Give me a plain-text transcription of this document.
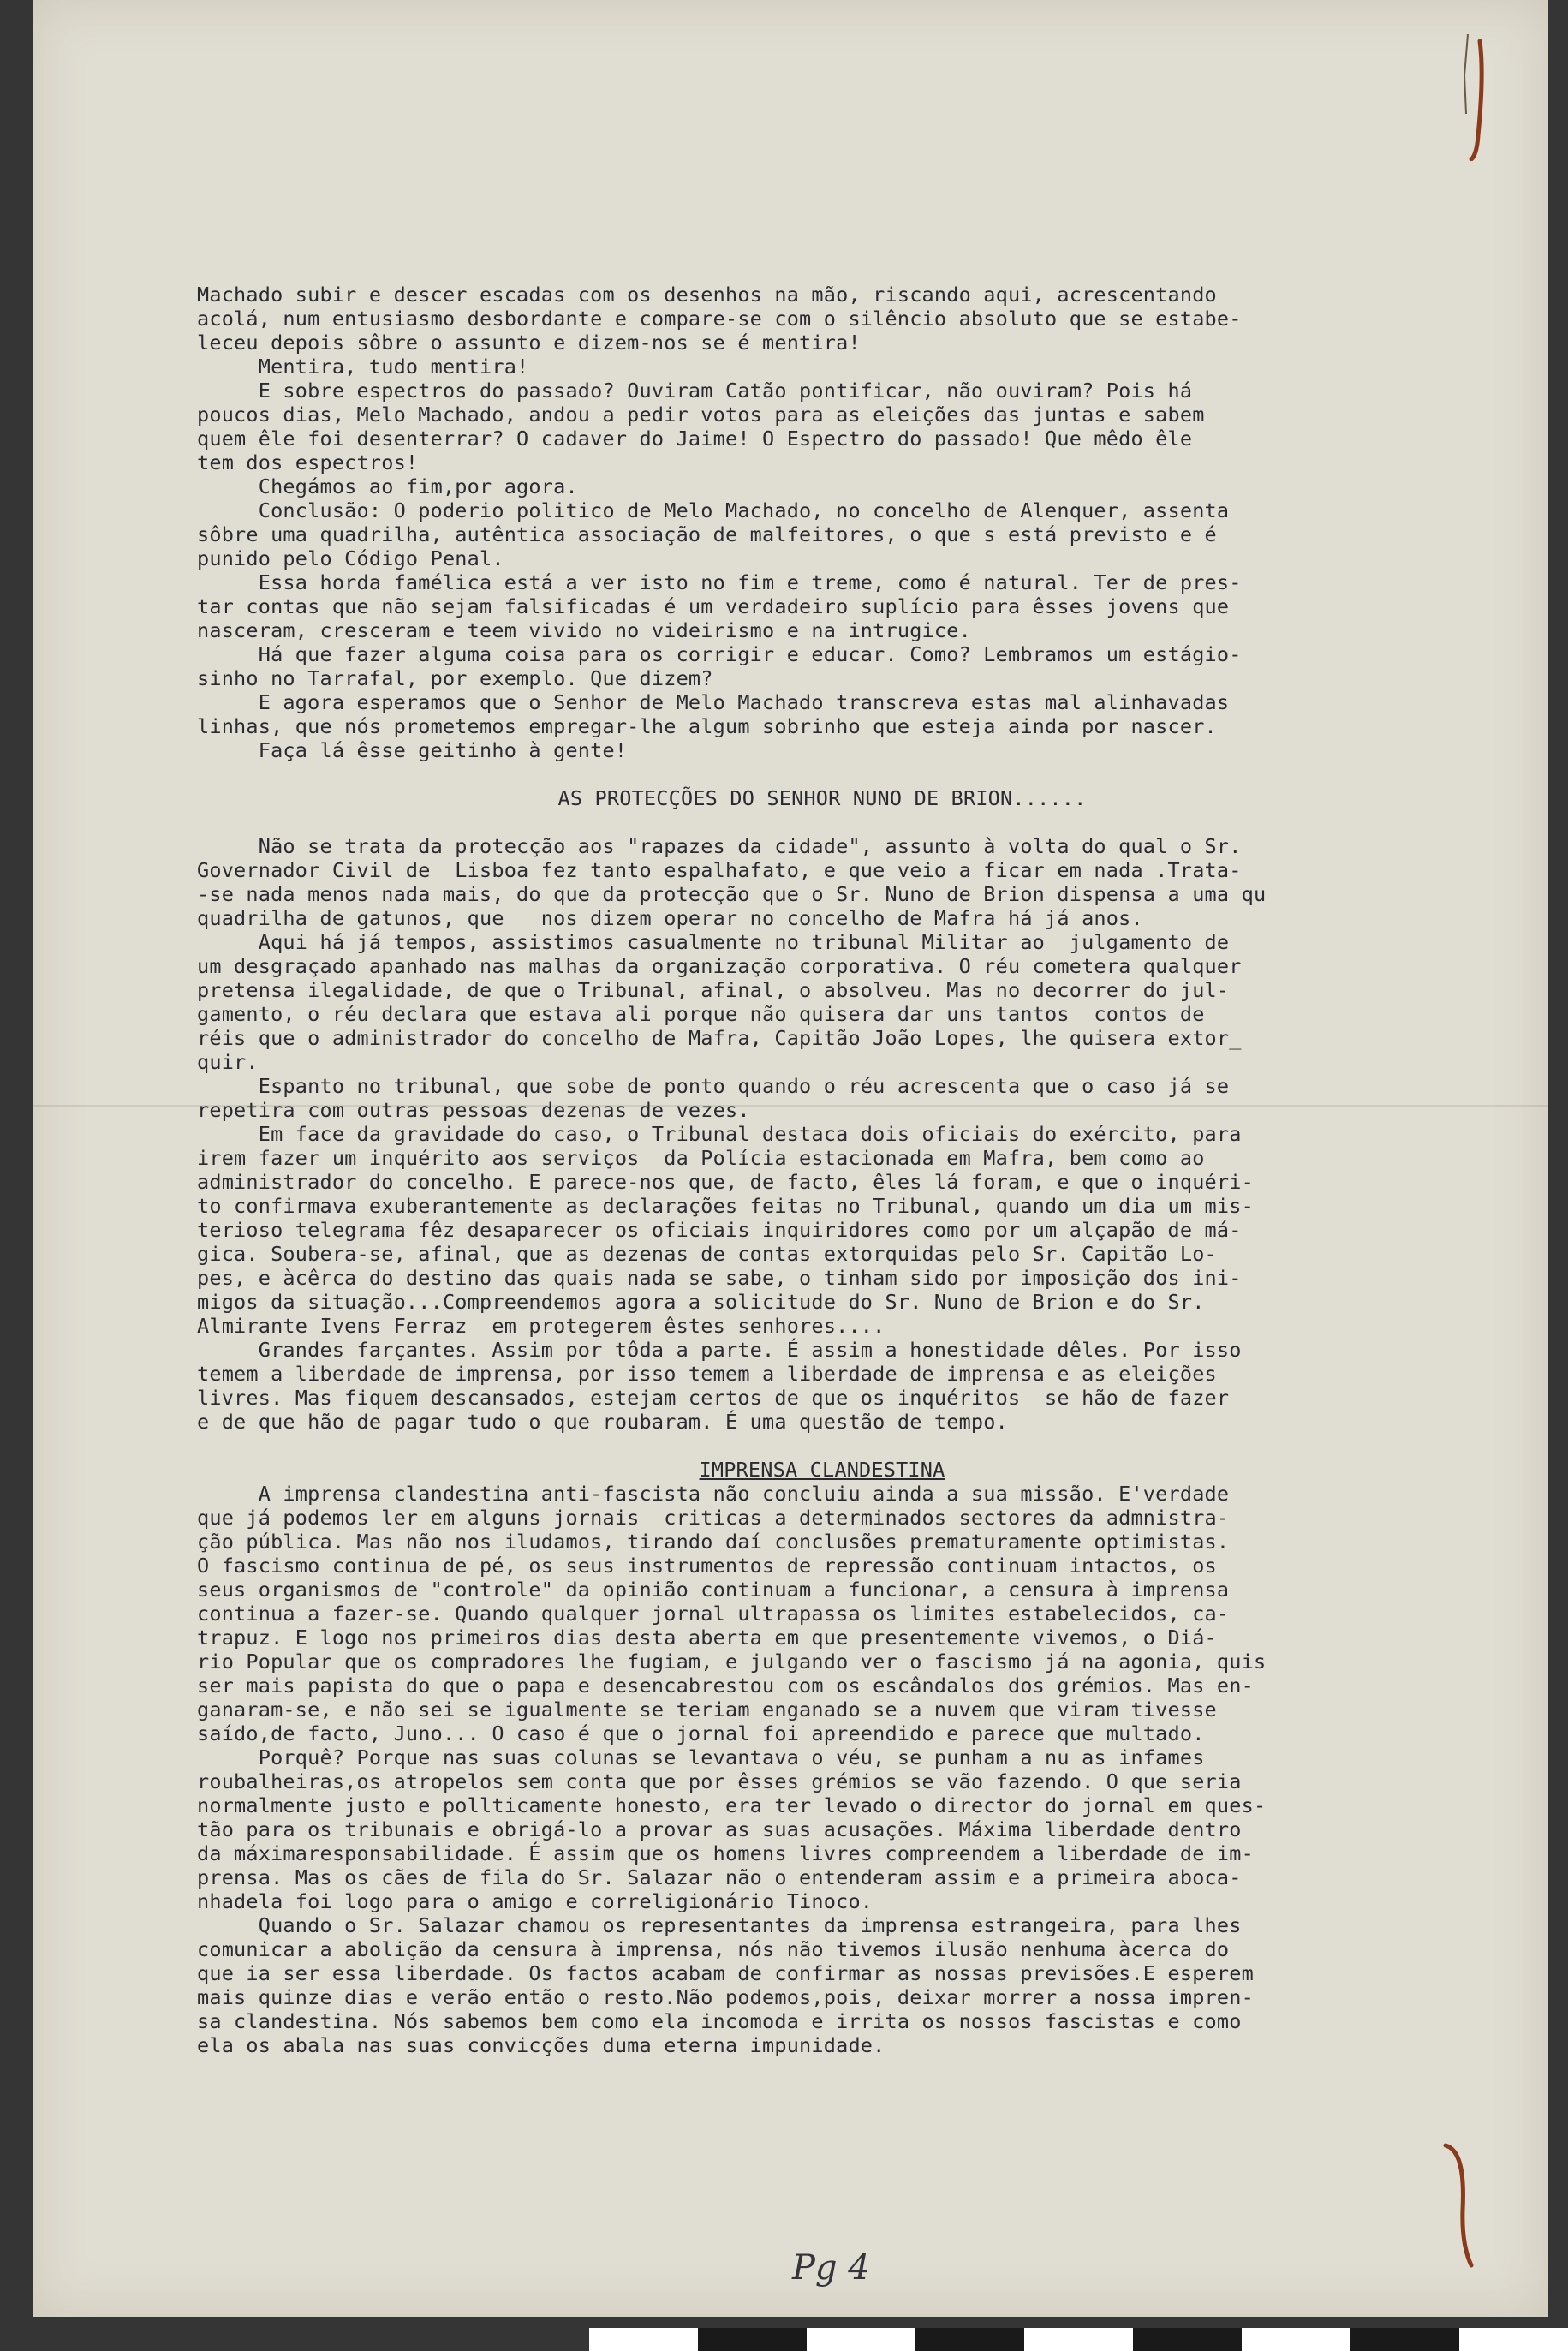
Machado subir e descer escadas com os desenhos na mão, riscando aqui, acrescentando
acolá, num entusiasmo desbordante e compare-se com o silêncio absoluto que se estabe-
leceu depois sôbre o assunto e dizem-nos se é mentira!
Mentira, tudo mentira!
E sobre espectros do passado? Ouviram Catão pontificar, não ouviram? Pois há
poucos dias, Melo Machado, andou a pedir votos para as eleições das juntas e sabem
quem êle foi desenterrar? O cadaver do Jaime! O Espectro do passado! Que mêdo êle
tem dos espectros!
Chegámos ao fim,por agora.
Conclusão: O poderio politico de Melo Machado, no concelho de Alenquer, assenta
sôbre uma quadrilha, autêntica associação de malfeitores, o que s está previsto e é
punido pelo Código Penal.
Essa horda famélica está a ver isto no fim e treme, como é natural. Ter de pres-
tar contas que não sejam falsificadas é um verdadeiro suplício para êsses jovens que
nasceram, cresceram e teem vivido no videirismo e na intrugice.
Há que fazer alguma coisa para os corrigir e educar. Como? Lembramos um estágio-
sinho no Tarrafal, por exemplo. Que dizem?
E agora esperamos que o Senhor de Melo Machado transcreva estas mal alinhavadas
linhas, que nós prometemos empregar-lhe algum sobrinho que esteja ainda por nascer.
Faça lá êsse geitinho à gente!
AS PROTECÇÕES DO SENHOR NUNO DE BRION......
Não se trata da protecção aos "rapazes da cidade", assunto à volta do qual o Sr.
Governador Civil de  Lisboa fez tanto espalhafato, e que veio a ficar em nada .Trata-
-se nada menos nada mais, do que da protecção que o Sr. Nuno de Brion dispensa a uma qu
quadrilha de gatunos, que   nos dizem operar no concelho de Mafra há já anos.
Aqui há já tempos, assistimos casualmente no tribunal Militar ao  julgamento de
um desgraçado apanhado nas malhas da organização corporativa. O réu cometera qualquer
pretensa ilegalidade, de que o Tribunal, afinal, o absolveu. Mas no decorrer do jul-
gamento, o réu declara que estava ali porque não quisera dar uns tantos  contos de
réis que o administrador do concelho de Mafra, Capitão João Lopes, lhe quisera extor_
quir.
Espanto no tribunal, que sobe de ponto quando o réu acrescenta que o caso já se
repetira com outras pessoas dezenas de vezes.
Em face da gravidade do caso, o Tribunal destaca dois oficiais do exército, para
irem fazer um inquérito aos serviços  da Polícia estacionada em Mafra, bem como ao
administrador do concelho. E parece-nos que, de facto, êles lá foram, e que o inquéri-
to confirmava exuberantemente as declarações feitas no Tribunal, quando um dia um mis-
terioso telegrama fêz desaparecer os oficiais inquiridores como por um alçapão de má-
gica. Soubera-se, afinal, que as dezenas de contas extorquidas pelo Sr. Capitão Lo-
pes, e àcêrca do destino das quais nada se sabe, o tinham sido por imposição dos ini-
migos da situação...Compreendemos agora a solicitude do Sr. Nuno de Brion e do Sr.
Almirante Ivens Ferraz  em protegerem êstes senhores....
Grandes farçantes. Assim por tôda a parte. É assim a honestidade dêles. Por isso
temem a liberdade de imprensa, por isso temem a liberdade de imprensa e as eleições
livres. Mas fiquem descansados, estejam certos de que os inquéritos  se hão de fazer
e de que hão de pagar tudo o que roubaram. É uma questão de tempo.
IMPRENSA CLANDESTINA
A imprensa clandestina anti-fascista não concluiu ainda a sua missão. E'verdade
que já podemos ler em alguns jornais  criticas a determinados sectores da admnistra-
ção pública. Mas não nos iludamos, tirando daí conclusões prematuramente optimistas.
O fascismo continua de pé, os seus instrumentos de repressão continuam intactos, os
seus organismos de "controle" da opinião continuam a funcionar, a censura à imprensa
continua a fazer-se. Quando qualquer jornal ultrapassa os limites estabelecidos, ca-
trapuz. E logo nos primeiros dias desta aberta em que presentemente vivemos, o Diá-
rio Popular que os compradores lhe fugiam, e julgando ver o fascismo já na agonia, quis
ser mais papista do que o papa e desencabrestou com os escândalos dos grémios. Mas en-
ganaram-se, e não sei se igualmente se teriam enganado se a nuvem que viram tivesse
saído,de facto, Juno... O caso é que o jornal foi apreendido e parece que multado.
Porquê? Porque nas suas colunas se levantava o véu, se punham a nu as infames
roubalheiras,os atropelos sem conta que por êsses grémios se vão fazendo. O que seria
normalmente justo e pollticamente honesto, era ter levado o director do jornal em ques-
tão para os tribunais e obrigá-lo a provar as suas acusações. Máxima liberdade dentro
da máximaresponsabilidade. É assim que os homens livres compreendem a liberdade de im-
prensa. Mas os cães de fila do Sr. Salazar não o entenderam assim e a primeira aboca-
nhadela foi logo para o amigo e correligionário Tinoco.
Quando o Sr. Salazar chamou os representantes da imprensa estrangeira, para lhes
comunicar a abolição da censura à imprensa, nós não tivemos ilusão nenhuma àcerca do
que ia ser essa liberdade. Os factos acabam de confirmar as nossas previsões.E esperem
mais quinze dias e verão então o resto.Não podemos,pois, deixar morrer a nossa impren-
sa clandestina. Nós sabemos bem como ela incomoda e irrita os nossos fascistas e como
ela os abala nas suas convicções duma eterna impunidade.
Pg 4
